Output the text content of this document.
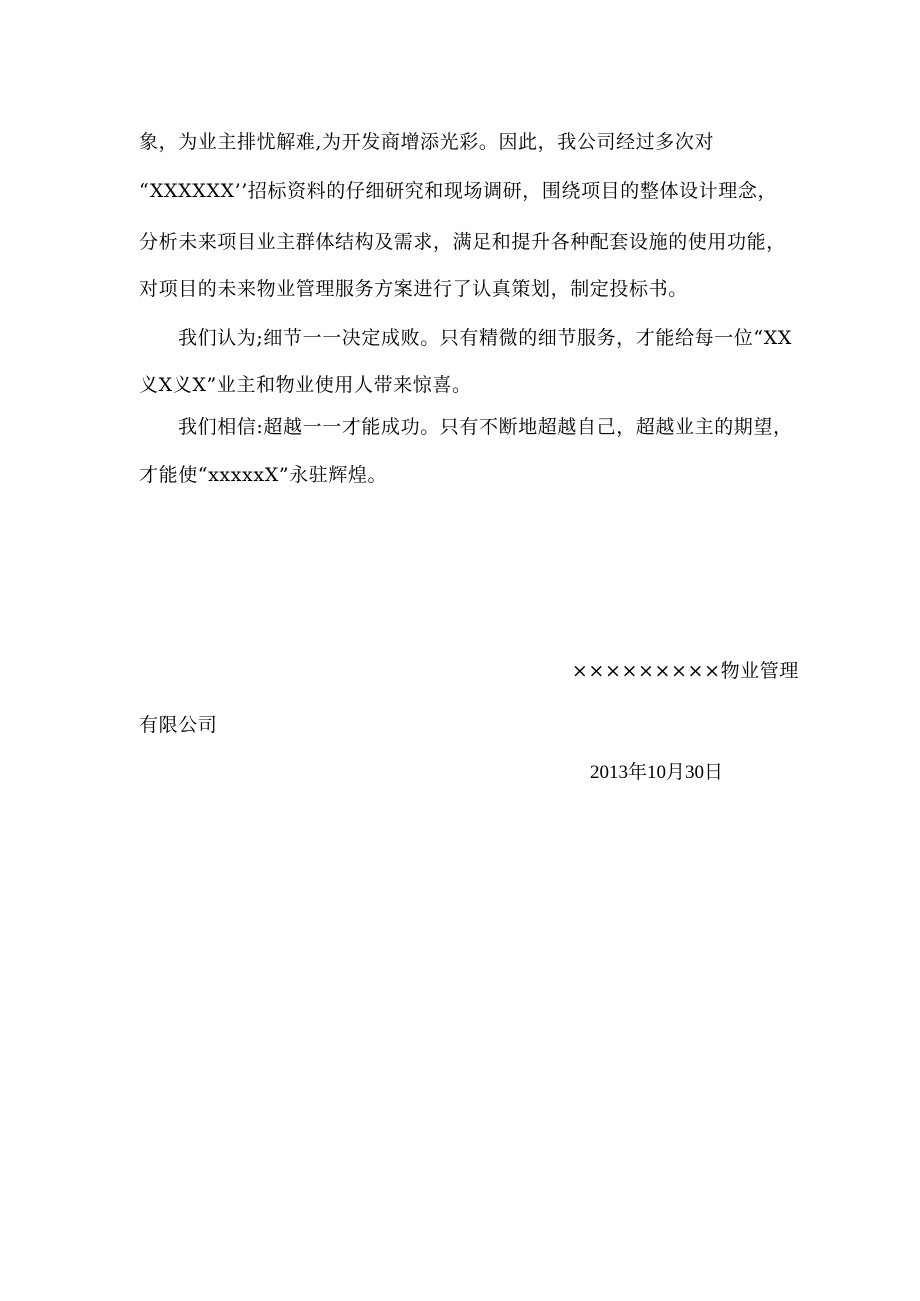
象，为业主排忧解难,为开发商增添光彩。因此，我公司经过多次对
“XXXXXX’’招标资料的仔细研究和现场调研，围绕项目的整体设计理念，
分析未来项目业主群体结构及需求，满足和提升各种配套设施的使用功能，
对项目的未来物业管理服务方案进行了认真策划，制定投标书。
我们认为;细节一一决定成败。只有精微的细节服务，才能给每一位“XX
义X义X”业主和物业使用人带来惊喜。
我们相信:超越一一才能成功。只有不断地超越自己，超越业主的期望，
才能使“xxxxxX”永驻辉煌。
×××××××××物业管理
有限公司
2013年10月30日
